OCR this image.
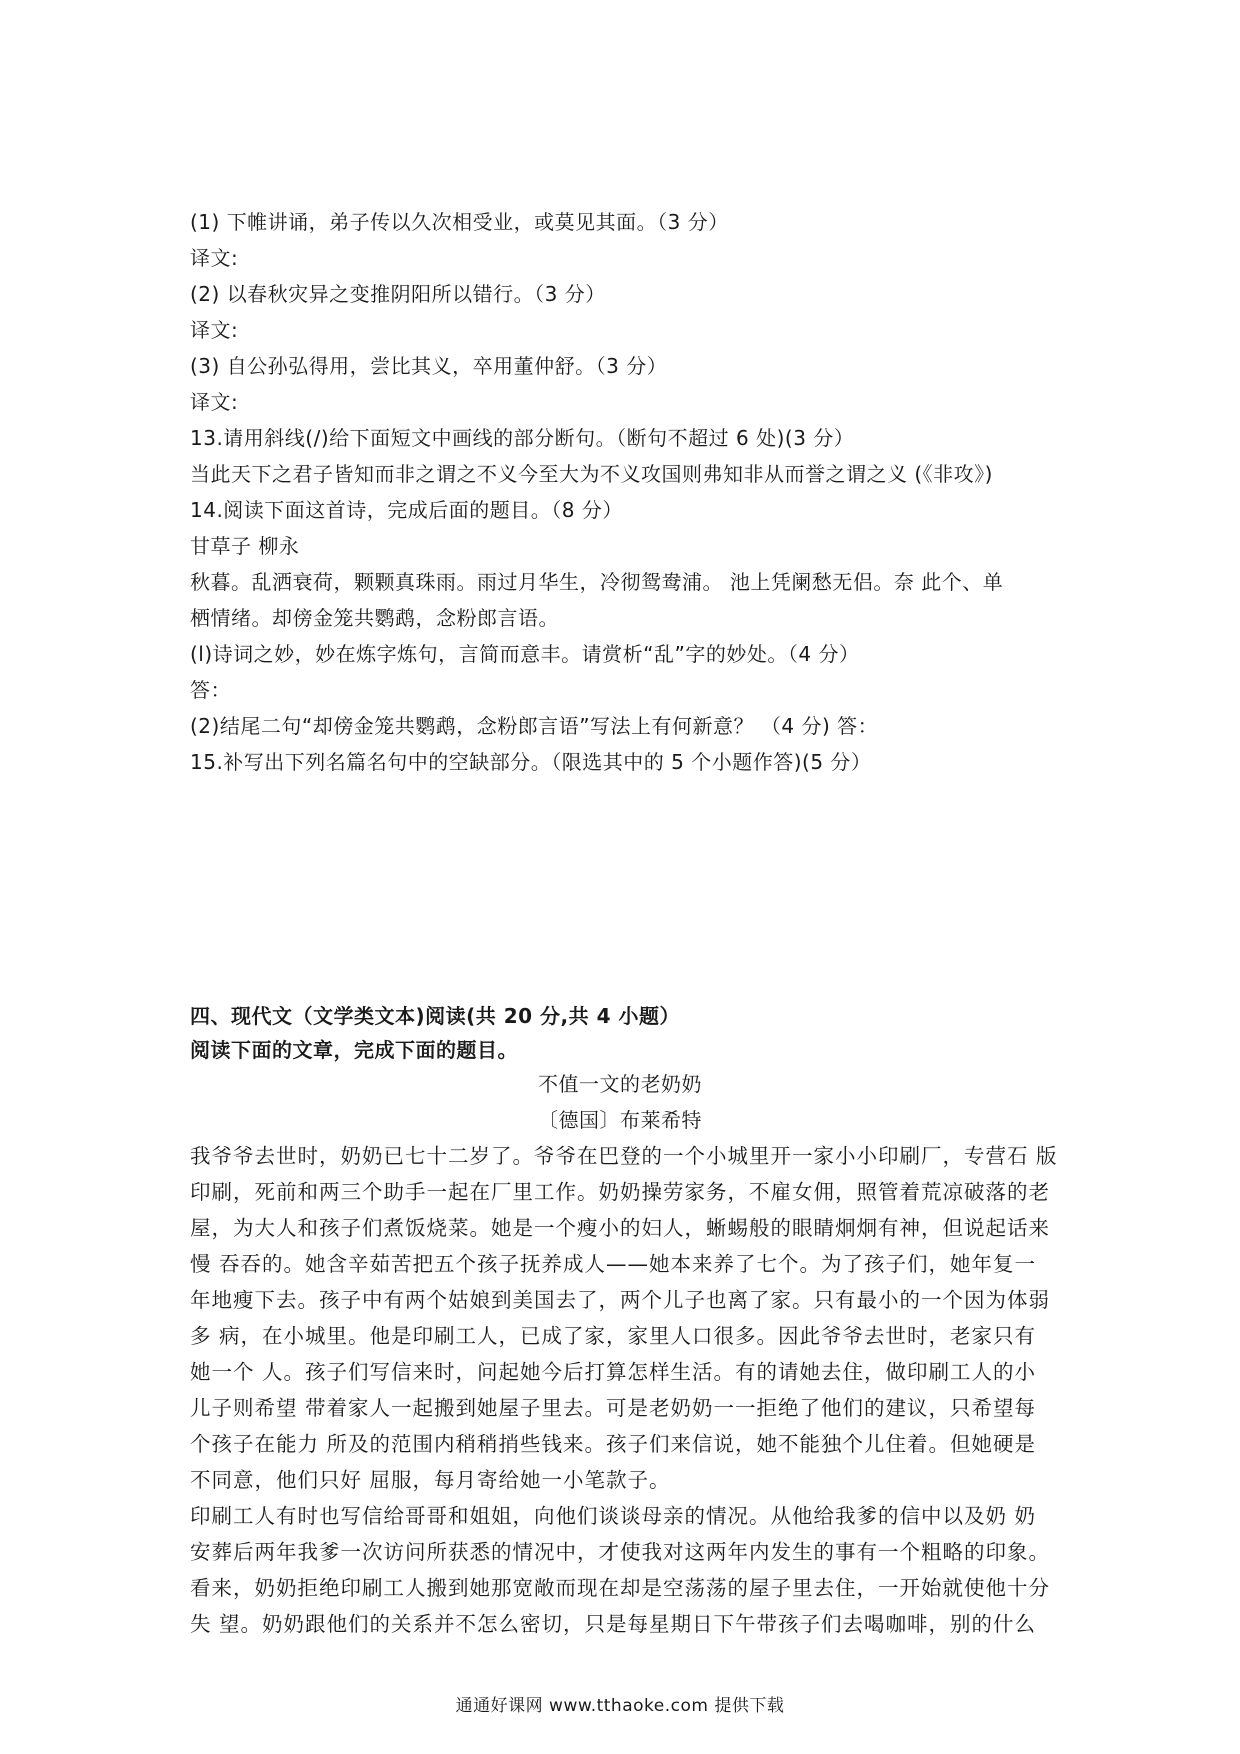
(1) 下帷讲诵，弟子传以久次相受业，或莫见其面。（3 分）
译文:
(2) 以春秋灾异之变推阴阳所以错行。（3 分）
译文:
(3) 自公孙弘得用，尝比其义，卒用董仲舒。（3 分）
译文:
13.请用斜线(/)给下面短文中画线的部分断句。（断句不超过 6 处)(3 分）
当此天下之君子皆知而非之谓之不义今至大为不义攻国则弗知非从而誉之谓之义 (《非攻》)
14.阅读下面这首诗，完成后面的题目。（8 分）
甘草子 柳永
秋暮。乱洒衰荷，颗颗真珠雨。雨过月华生，冷彻鸳鸯浦。 池上凭阑愁无侣。奈 此个、单
栖情绪。却傍金笼共鹦鹉，念粉郎言语。
(l)诗词之妙，妙在炼字炼句，言简而意丰。请赏析“乱”字的妙处。（4 分）
答：
(2)结尾二句“却傍金笼共鹦鹉，念粉郎言语”写法上有何新意？ （4 分) 答：
15.补写出下列名篇名句中的空缺部分。（限选其中的 5 个小题作答)(5 分）
四、现代文（文学类文本)阅读(共 20 分,共 4 小题）
阅读下面的文章，完成下面的题目。
不值一文的老奶奶
〔德国〕布莱希特
我爷爷去世时，奶奶已七十二岁了。爷爷在巴登的一个小城里开一家小小印刷厂，专营石 版
印刷，死前和两三个助手一起在厂里工作。奶奶操劳家务，不雇女佣，照管着荒凉破落的老
屋，为大人和孩子们煮饭烧菜。她是一个瘦小的妇人，蜥蜴般的眼睛炯炯有神，但说起话来
慢 吞吞的。她含辛茹苦把五个孩子抚养成人——她本来养了七个。为了孩子们，她年复一
年地瘦下去。孩子中有两个姑娘到美国去了，两个儿子也离了家。只有最小的一个因为体弱
多 病，在小城里。他是印刷工人，已成了家，家里人口很多。因此爷爷去世时，老家只有
她一个 人。孩子们写信来时，问起她今后打算怎样生活。有的请她去住，做印刷工人的小
儿子则希望 带着家人一起搬到她屋子里去。可是老奶奶一一拒绝了他们的建议，只希望每
个孩子在能力 所及的范围内稍稍捎些钱来。孩子们来信说，她不能独个儿住着。但她硬是
不同意，他们只好 屈服，每月寄给她一小笔款子。
印刷工人有时也写信给哥哥和姐姐，向他们谈谈母亲的情况。从他给我爹的信中以及奶 奶
安葬后两年我爹一次访问所获悉的情况中，才使我对这两年内发生的事有一个粗略的印象。
看来，奶奶拒绝印刷工人搬到她那宽敞而现在却是空荡荡的屋子里去住，一开始就使他十分
失 望。奶奶跟他们的关系并不怎么密切，只是每星期日下午带孩子们去喝咖啡，别的什么
通通好课网 www.tthaoke.com 提供下载
